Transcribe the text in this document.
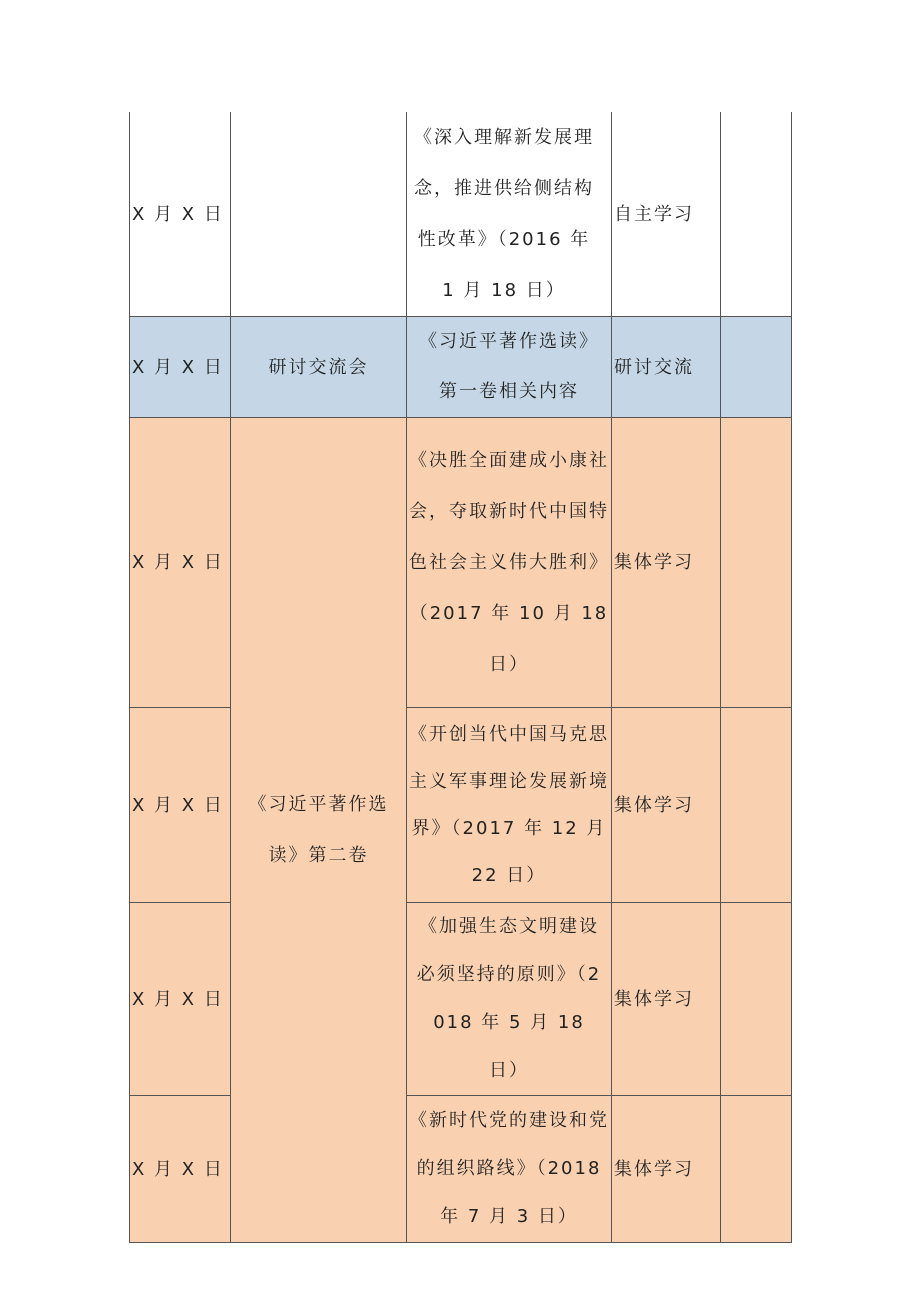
X 月 X 日		《深入理解新发展理念，推进供给侧结构性改革》（2016 年 1 月 18 日）	自主学习	
X 月 X 日	研讨交流会	《习近平著作选读》第一卷相关内容	研讨交流	
X 月 X 日	《习近平著作选读》第二卷	《决胜全面建成小康社会，夺取新时代中国特色社会主义伟大胜利》（2017 年 10 月 18 日）	集体学习	
X 月 X 日		《开创当代中国马克思主义军事理论发展新境界》（2017 年 12 月 22 日）	集体学习	
X 月 X 日		《加强生态文明建设必须坚持的原则》（2018 年 5 月 18 日）	集体学习	
X 月 X 日		《新时代党的建设和党的组织路线》（2018 年 7 月 3 日）	集体学习	
